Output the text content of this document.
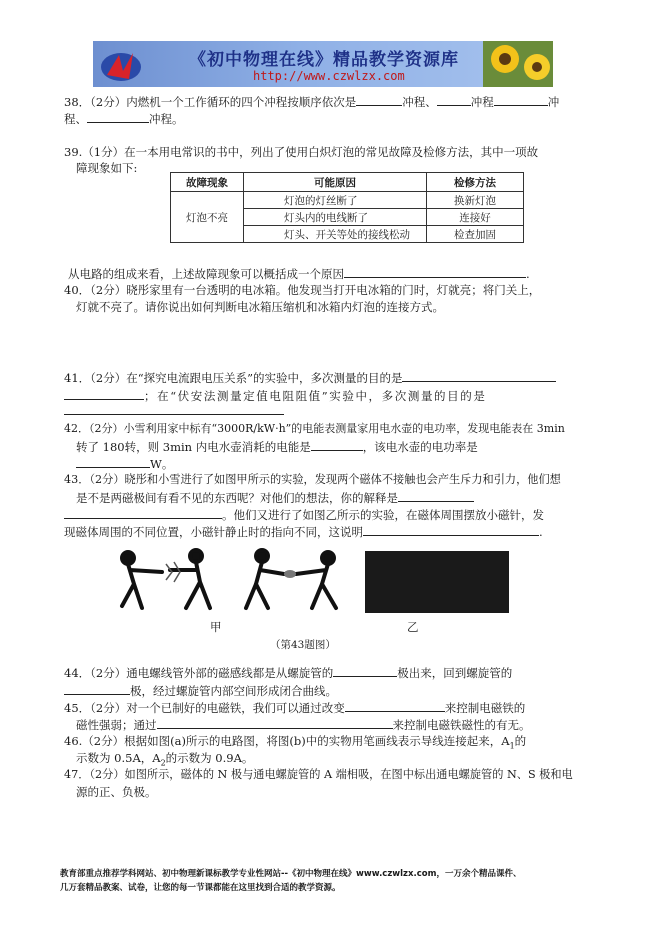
《初中物理在线》精品教学资源库
http://www.czwlzx.com
38．（2分）内燃机一个工作循环的四个冲程按顺序依次是	冲程、	冲程	冲
程、	冲程。
39.（1分）在一本用电常识的书中，列出了使用白炽灯泡的常见故障及检修方法，其中一项故
障现象如下:
故障现象	可能原因	检修方法
灯泡不亮	灯泡的灯丝断了	换新灯泡
	灯头内的电线断了	连接好
	灯头、开关等处的接线松动	检查加固
从电路的组成来看，上述故障现象可以概括成一个原因	.
40．（2分）晓彤家里有一台透明的电冰箱。他发现当打开电冰箱的门时，灯就亮；将门关上，
灯就不亮了。请你说出如何判断电冰箱压缩机和冰箱内灯泡的连接方式。
41．（2分）在“探究电流跟电压关系”的实验中，多次测量的目的是
；在“伏安法测量定值电阻阻值”实验中，多次测量的目的是
42．（2分）小雪利用家中标有“3000R/kW·h”的电能表测量家用电水壶的电功率，发现电能表在 3min
转了 180转，则 3min 内电水壶消耗的电能是	，该电水壶的电功率是
W。
43．（2分）晓彤和小雪进行了如图甲所示的实验，发现两个磁体不接触也会产生斥力和引力，他们想
是不是两磁极间有看不见的东西呢？对他们的想法，你的解释是
。他们又进行了如图乙所示的实验，在磁体周围摆放小磁针，发
现磁体周围的不同位置，小磁针静止时的指向不同，这说明	.
甲	乙
（第43题图）
44．（2分）通电螺线管外部的磁感线都是从螺旋管的	极出来，回到螺旋管的
极，经过螺旋管内部空间形成闭合曲线。
45．（2分）对一个已制好的电磁铁，我们可以通过改变	来控制电磁铁的
磁性强弱；通过	来控制电磁铁磁性的有无。
46.（2分）根据如图(a)所示的电路图，将图(b)中的实物用笔画线表示导线连接起来，$A_1$的
示数为 0.5A，$A_2$的示数为 0.9A。
47．（2分）如图所示，磁体的 N 极与通电螺旋管的 A 端相吸，在图中标出通电螺旋管的 N、S 极和电
源的正、负极。
教育部重点推荐学科网站、初中物理新课标教学专业性网站--《初中物理在线》www.czwlzx.com，一万余个精品课件、
几万套精品教案、试卷，让您的每一节课都能在这里找到合适的教学资源。
